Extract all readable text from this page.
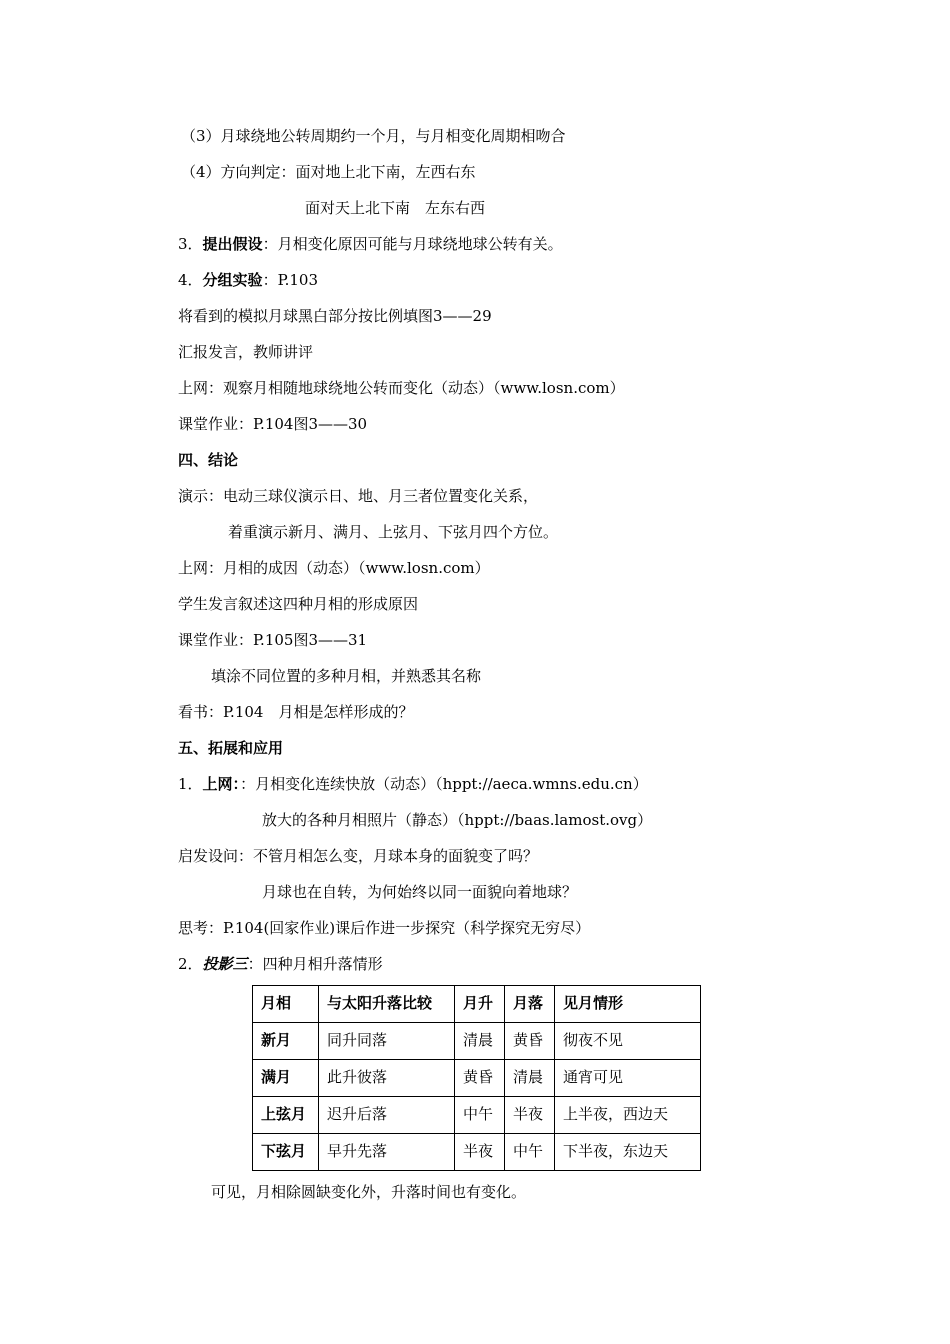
（3）月球绕地公转周期约一个月，与月相变化周期相吻合
（4）方向判定：面对地上北下南，左西右东
面对天上北下南　左东右西
3．提出假设：月相变化原因可能与月球绕地球公转有关。
4．分组实验：P.103
将看到的模拟月球黑白部分按比例填图3——29
汇报发言，教师讲评
上网：观察月相随地球绕地公转而变化（动态）（www.losn.com）
课堂作业：P.104图3——30
四、结论
演示：电动三球仪演示日、地、月三者位置变化关系，
着重演示新月、满月、上弦月、下弦月四个方位。
上网：月相的成因（动态）（www.losn.com）
学生发言叙述这四种月相的形成原因
课堂作业：P.105图3——31
填涂不同位置的多种月相，并熟悉其名称
看书：P.104　月相是怎样形成的？
五、拓展和应用
1．上网：：月相变化连续快放（动态）（hppt://aeca.wmns.edu.cn）
放大的各种月相照片（静态）（hppt://baas.lamost.ovg）
启发设问：不管月相怎么变，月球本身的面貌变了吗？
月球也在自转，为何始终以同一面貌向着地球？
思考：P.104(回家作业)课后作进一步探究（科学探究无穷尽）
2．投影三：四种月相升落情形
月相	与太阳升落比较	月升	月落	见月情形
新月	同升同落	清晨	黄昏	彻夜不见
满月	此升彼落	黄昏	清晨	通宵可见
上弦月	迟升后落	中午	半夜	上半夜，西边天
下弦月	早升先落	半夜	中午	下半夜，东边天
可见，月相除圆缺变化外，升落时间也有变化。
